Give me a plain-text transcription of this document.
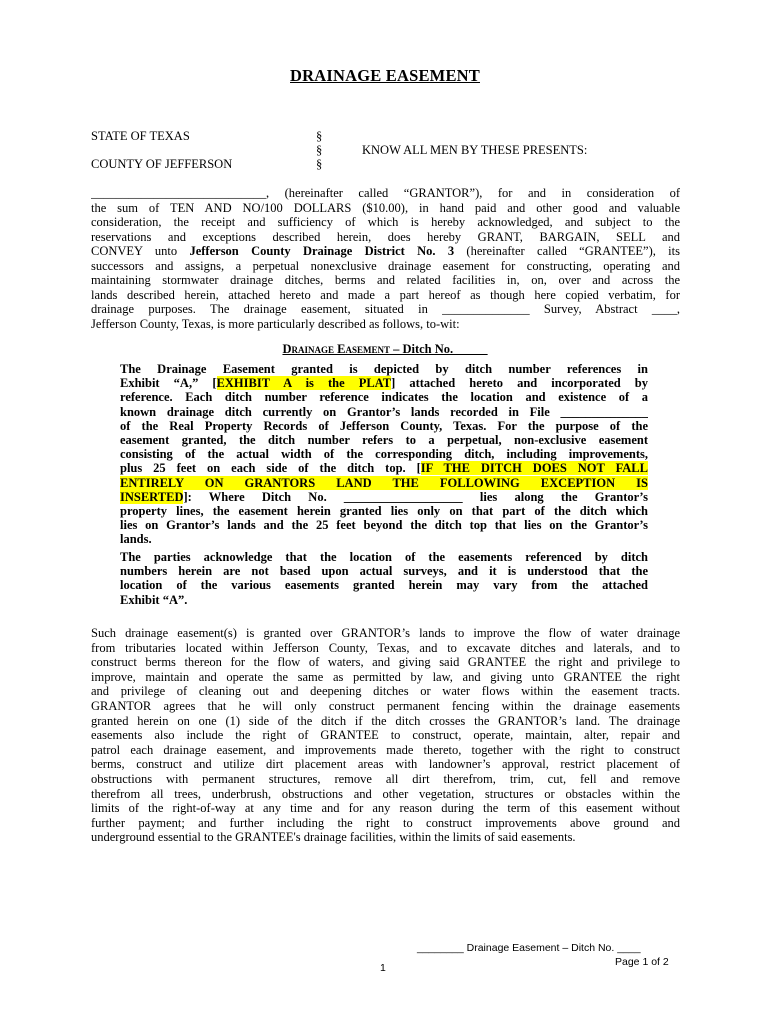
DRAINAGE EASEMENT
STATE OF TEXAS
COUNTY OF JEFFERSON
§
§
§
KNOW ALL MEN BY THESE PRESENTS:
____________________________, (hereinafter called “GRANTOR”), for and in consideration of
the sum of TEN AND NO/100 DOLLARS ($10.00), in hand paid and other good and valuable
consideration, the receipt and sufficiency of which is hereby acknowledged, and subject to the
reservations and exceptions described herein, does hereby GRANT, BARGAIN, SELL and
CONVEY unto Jefferson County Drainage District No. 3 (hereinafter called “GRANTEE”), its
successors and assigns, a perpetual nonexclusive drainage easement for constructing, operating and
maintaining stormwater drainage ditches, berms and related facilities in, on, over and across the
lands described herein, attached hereto and made a part hereof as though here copied verbatim, for
drainage purposes. The drainage easement, situated in ______________ Survey, Abstract ____,
Jefferson County, Texas, is more particularly described as follows, to-wit:
Drainage Easement – Ditch No. _____
The Drainage Easement granted is depicted by ditch number references in
Exhibit “A,” [EXHIBIT A is the PLAT] attached hereto and incorporated by
reference. Each ditch number reference indicates the location and existence of a
known drainage ditch currently on Grantor’s lands recorded in File ______________
of the Real Property Records of Jefferson County, Texas. For the purpose of the
easement granted, the ditch number refers to a perpetual, non-exclusive easement
consisting of the actual width of the corresponding ditch, including improvements,
plus 25 feet on each side of the ditch top. [IF THE DITCH DOES NOT FALL
ENTIRELY ON GRANTORS LAND THE FOLLOWING EXCEPTION IS
INSERTED]: Where Ditch No. ___________________ lies along the Grantor’s
property lines, the easement herein granted lies only on that part of the ditch which
lies on Grantor’s lands and the 25 feet beyond the ditch top that lies on the Grantor’s
lands.
The parties acknowledge that the location of the easements referenced by ditch
numbers herein are not based upon actual surveys, and it is understood that the
location of the various easements granted herein may vary from the attached
Exhibit “A”.
Such drainage easement(s) is granted over GRANTOR’s lands to improve the flow of water drainage
from tributaries located within Jefferson County, Texas, and to excavate ditches and laterals, and to
construct berms thereon for the flow of waters, and giving said GRANTEE the right and privilege to
improve, maintain and operate the same as permitted by law, and giving unto GRANTEE the right
and privilege of cleaning out and deepening ditches or water flows within the easement tracts.
GRANTOR agrees that he will only construct permanent fencing within the drainage easements
granted herein on one (1) side of the ditch if the ditch crosses the GRANTOR’s land. The drainage
easements also include the right of GRANTEE to construct, operate, maintain, alter, repair and
patrol each drainage easement, and improvements made thereto, together with the right to construct
berms, construct and utilize dirt placement areas with landowner’s approval, restrict placement of
obstructions with permanent structures, remove all dirt therefrom, trim, cut, fell and remove
therefrom all trees, underbrush, obstructions and other vegetation, structures or obstacles within the
limits of the right-of-way at any time and for any reason during the term of this easement without
further payment; and further including the right to construct improvements above ground and
underground essential to the GRANTEE's drainage facilities, within the limits of said easements.
________ Drainage Easement – Ditch No. ____
Page 1 of 2
1
